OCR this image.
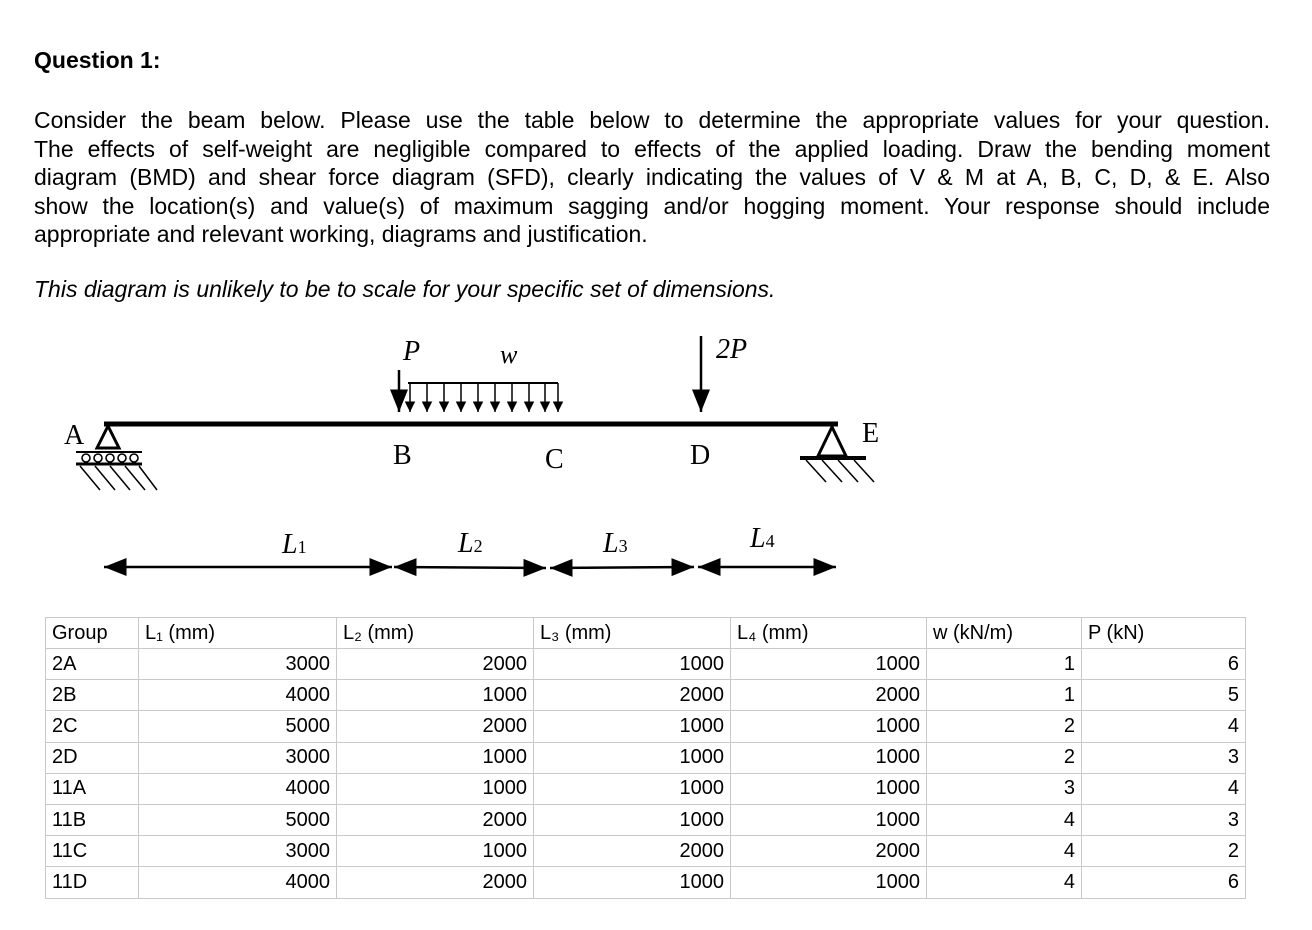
Question 1:
Consider the beam below. Please use the table below to determine the appropriate values for your question.
The effects of self-weight are negligible compared to effects of the applied loading. Draw the bending moment
diagram (BMD) and shear force diagram (SFD), clearly indicating the values of V & M at A, B, C, D, & E. Also
show the location(s) and value(s) of maximum sagging and/or hogging moment. Your response should include
appropriate and relevant working, diagrams and justification.
This diagram is unlikely to be to scale for your specific set of dimensions.
P	w	2P
A
B	C	D
E
L1	L2	L3	L4
Group	L₁ (mm)	L₂ (mm)	L₃ (mm)	L₄ (mm)	w (kN/m)	P (kN)
2A	3000	2000	1000	1000	1	6
2B	4000	1000	2000	2000	1	5
2C	5000	2000	1000	1000	2	4
2D	3000	1000	1000	1000	2	3
11A	4000	1000	1000	1000	3	4
11B	5000	2000	1000	1000	4	3
11C	3000	1000	2000	2000	4	2
11D	4000	2000	1000	1000	4	6
